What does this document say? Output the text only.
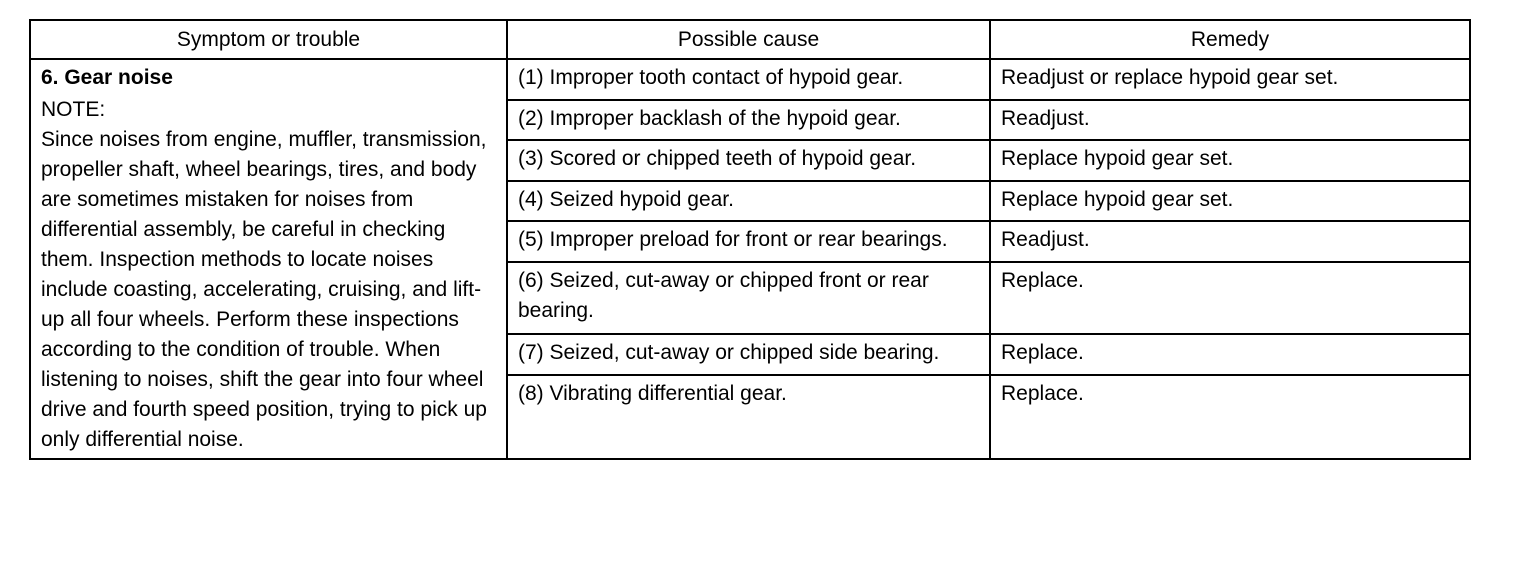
Symptom or trouble	Possible cause	Remedy

6. Gear noise
NOTE:
Since noises from engine, muffler, transmission, propeller shaft, wheel bearings, tires, and body are sometimes mistaken for noises from differential assembly, be careful in checking them. Inspection methods to locate noises include coasting, accelerating, cruising, and lift-up all four wheels. Perform these inspections according to the condition of trouble. When listening to noises, shift the gear into four wheel drive and fourth speed position, trying to pick up only differential noise.	(1) Improper tooth contact of hypoid gear.	Readjust or replace hypoid gear set.

	(2) Improper backlash of the hypoid gear.	Readjust.

	(3) Scored or chipped teeth of hypoid gear.	Replace hypoid gear set.

	(4) Seized hypoid gear.	Replace hypoid gear set.

	(5) Improper preload for front or rear bearings.	Readjust.

	(6) Seized, cut-away or chipped front or rear bearing.	Replace.

	(7) Seized, cut-away or chipped side bearing.	Replace.

	(8) Vibrating differential gear.	Replace.
